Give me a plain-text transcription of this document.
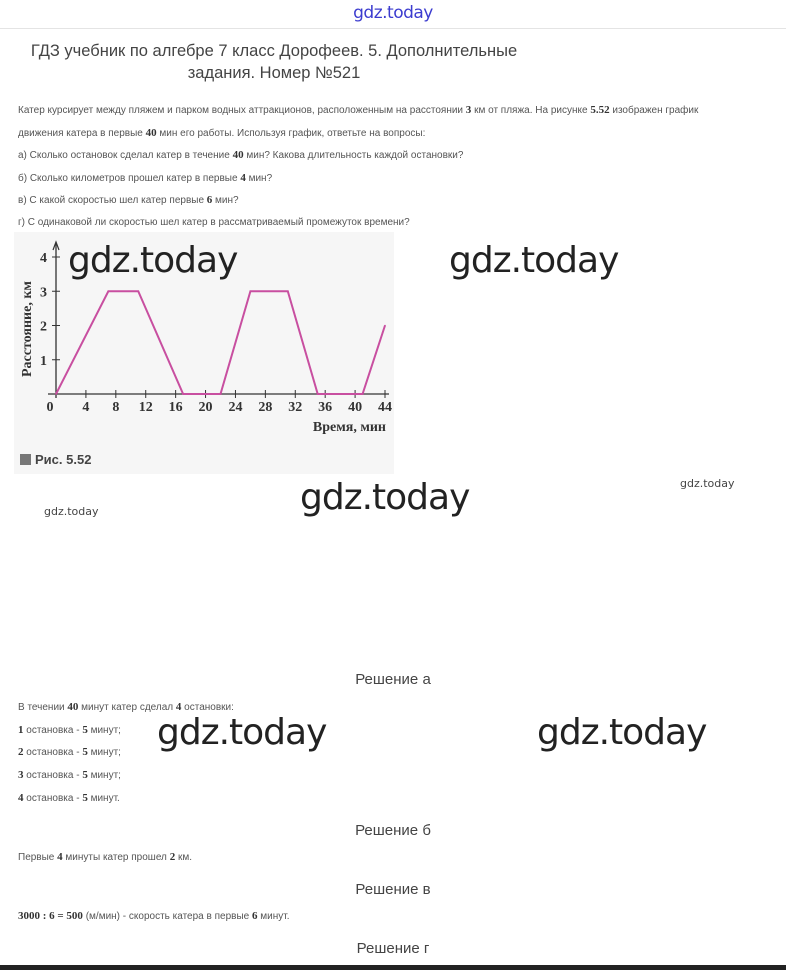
gdz.today
ГДЗ учебник по алгебре 7 класс Дорофеев. 5. Дополнительные
задания. Номер №521

Катер курсирует между пляжем и парком водных аттракционов, расположенным на расстоянии 3 км от пляжа. На рисунке 5.52 изображен график

движения катера в первые 40 мин его работы. Используя график, ответьте на вопросы:

а) Сколько остановок сделал катер в течение 40 мин? Какова длительность каждой остановки?

б) Сколько километров прошел катер в первые 4 мин?

в) С какой скоростью шел катер первые 6 мин?

г) С одинаковой ли скоростью шел катер в рассматриваемый промежуток времени?

0 4 8 12 16 20 24 28 32 36 40 44
1
2
3
4
Расстояние, км
Время, мин
Рис. 5.52
gdz.today	gdz.today
gdz.today	gdz.today
gdz.today
gdz.today	gdz.today
Решение а
В течении 40 минут катер сделал 4 остановки:
1 остановка - 5 минут;
2 остановка - 5 минут;
3 остановка - 5 минут;
4 остановка - 5 минут.
Решение б
Первые 4 минуты катер прошел 2 км.
Решение в
3000 : 6 = 500 (м/мин) - скорость катера в первые 6 минут.
Решение г
